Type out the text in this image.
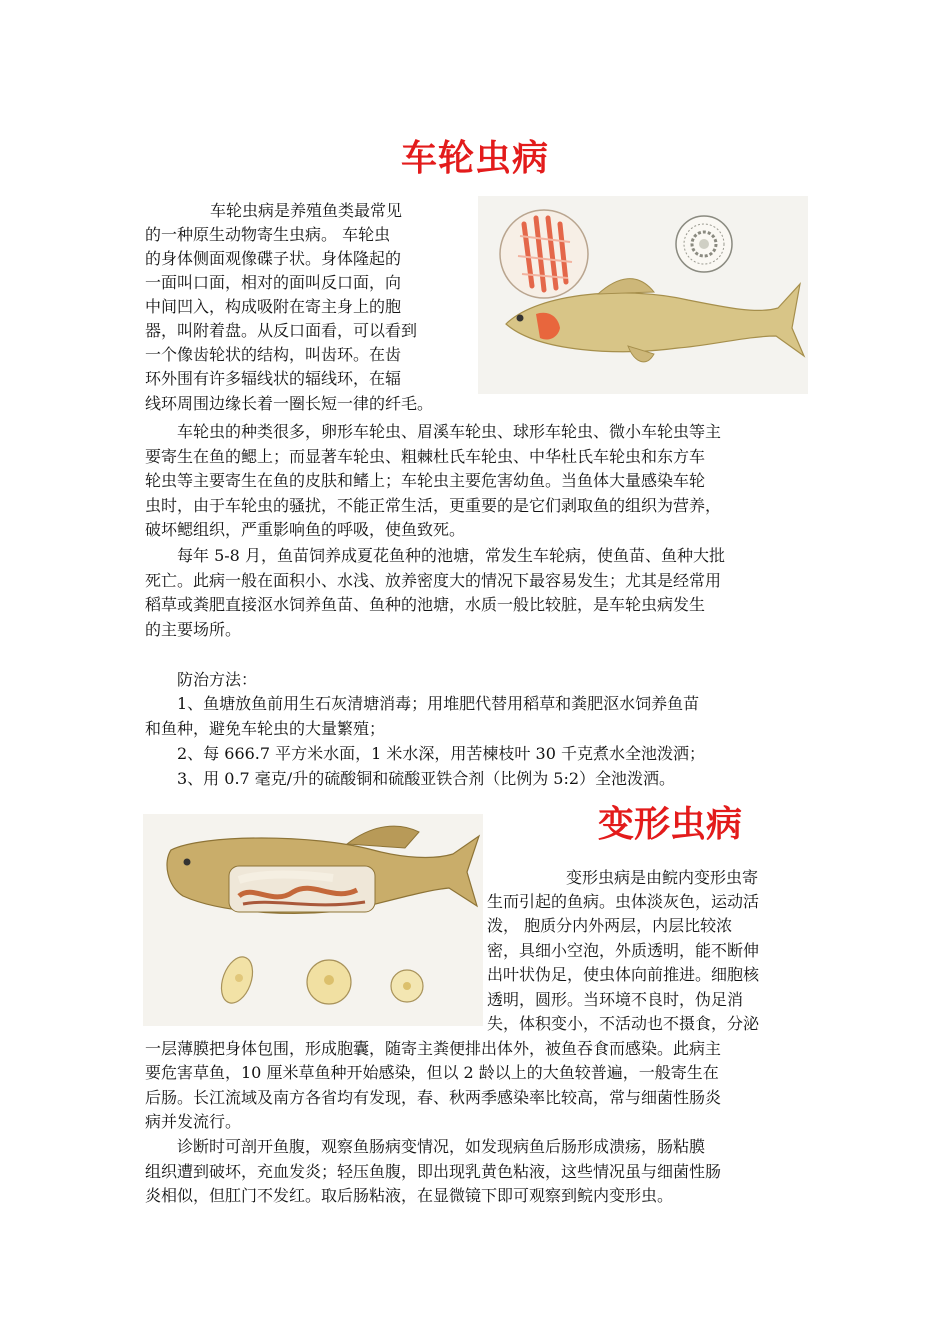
车轮虫病
车轮虫病是养殖鱼类最常见
的一种原生动物寄生虫病。 车轮虫
的身体侧面观像碟子状。身体隆起的
一面叫口面，相对的面叫反口面，向
中间凹入，构成吸附在寄主身上的胞
器，叫附着盘。从反口面看，可以看到
一个像齿轮状的结构，叫齿环。在齿
环外围有许多辐线状的辐线环，在辐
线环周围边缘长着一圈长短一律的纤毛。
车轮虫的种类很多，卵形车轮虫、眉溪车轮虫、球形车轮虫、微小车轮虫等主
要寄生在鱼的鳃上；而显著车轮虫、粗棘杜氏车轮虫、中华杜氏车轮虫和东方车
轮虫等主要寄生在鱼的皮肤和鳍上；车轮虫主要危害幼鱼。当鱼体大量感染车轮
虫时，由于车轮虫的骚扰，不能正常生活，更重要的是它们剥取鱼的组织为营养，
破坏鳃组织，严重影响鱼的呼吸，使鱼致死。
每年 5-8 月，鱼苗饲养成夏花鱼种的池塘，常发生车轮病，使鱼苗、鱼种大批
死亡。此病一般在面积小、水浅、放养密度大的情况下最容易发生；尤其是经常用
稻草或粪肥直接沤水饲养鱼苗、鱼种的池塘，水质一般比较脏，是车轮虫病发生
的主要场所。
防治方法：
1、鱼塘放鱼前用生石灰清塘消毒；用堆肥代替用稻草和粪肥沤水饲养鱼苗
和鱼种，避免车轮虫的大量繁殖；
2、每 666.7 平方米水面，1 米水深，用苦楝枝叶 30 千克煮水全池泼洒；
3、用 0.7 毫克/升的硫酸铜和硫酸亚铁合剂（比例为 5:2）全池泼洒。
变形虫病
变形虫病是由鲩内变形虫寄
生而引起的鱼病。虫体淡灰色，运动活
泼， 胞质分内外两层，内层比较浓
密，具细小空泡，外质透明，能不断伸
出叶状伪足，使虫体向前推进。细胞核
透明，圆形。当环境不良时，伪足消
失，体积变小，不活动也不摄食，分泌
一层薄膜把身体包围，形成胞囊，随寄主粪便排出体外，被鱼吞食而感染。此病主
要危害草鱼，10 厘米草鱼种开始感染，但以 2 龄以上的大鱼较普遍，一般寄生在
后肠。长江流域及南方各省均有发现，春、秋两季感染率比较高，常与细菌性肠炎
病并发流行。
诊断时可剖开鱼腹，观察鱼肠病变情况，如发现病鱼后肠形成溃疡，肠粘膜
组织遭到破坏，充血发炎；轻压鱼腹，即出现乳黄色粘液，这些情况虽与细菌性肠
炎相似，但肛门不发红。取后肠粘液，在显微镜下即可观察到鲩内变形虫。
